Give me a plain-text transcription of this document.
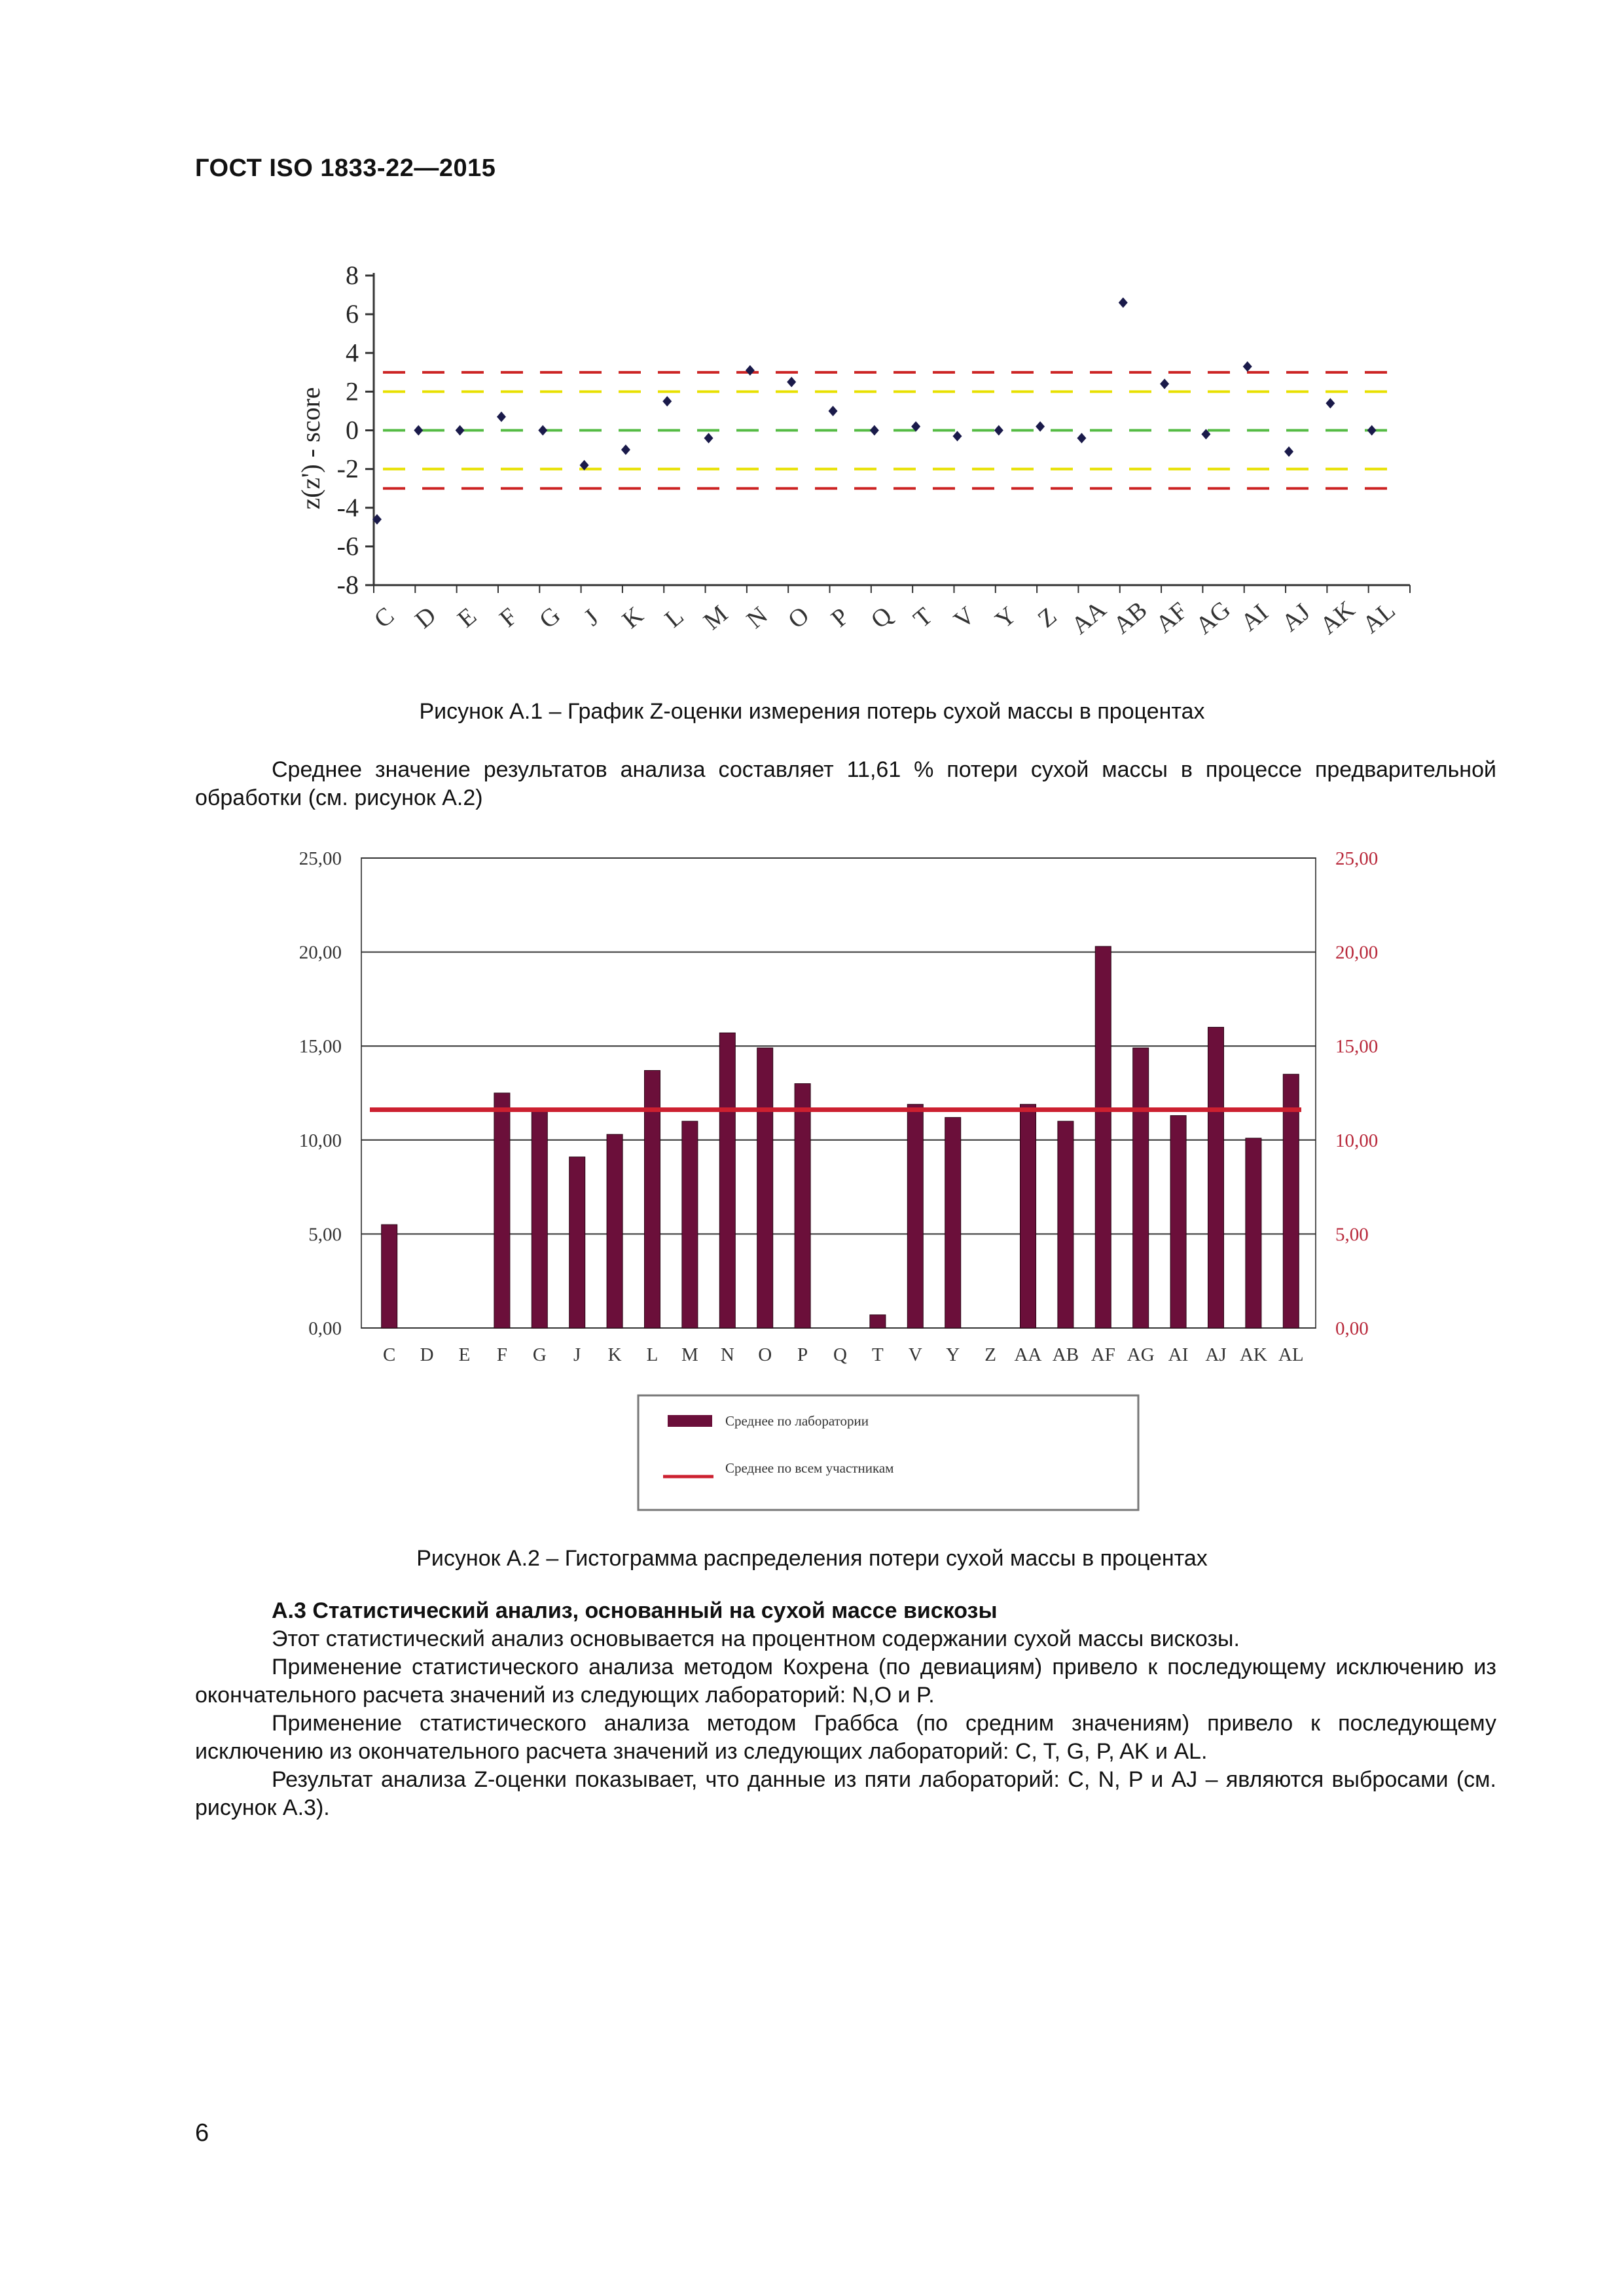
ГОСТ ISO 1833-22—2015
8
6
4
2
0
-2
-4
-6
-8
C D E F G J K L M N O P Q T V Y Z AA
AB
AF
AG AI AJ AK
AL
z(z') - score
Рисунок А.1 – График Z-оценки измерения потерь сухой массы в процентах
Среднее значение результатов анализа составляет 11,61 % потери сухой массы в процессе предварительной обработки (см. рисунок А.2)
25,00
20,00
15,00
10,00
5,00
0,00
25,00
20,00
15,00
10,00
5,00
0,00
C D E F G J K L M N O P Q T V Y Z AA AB AF AG AI AJ AK AL
Среднее по лаборатории
Среднее по всем участникам
Рисунок А.2 – Гистограмма распределения потери сухой массы в процентах
А.3 Статистический анализ, основанный на сухой массе вискозы
Этот статистический анализ основывается на процентном содержании сухой массы вискозы.
Применение статистического анализа методом Кохрена (по девиациям) привело к последующему исключению из окончательного расчета значений из следующих лабораторий: N,O и P.
Применение статистического анализа методом Граббса (по средним значениям) привело к последующему исключению из окончательного расчета значений из следующих лабораторий: C, T, G, P, AK и AL.
Результат анализа Z-оценки показывает, что данные из пяти лабораторий: C, N, P и AJ – являются выбросами (см. рисунок А.3).
6
